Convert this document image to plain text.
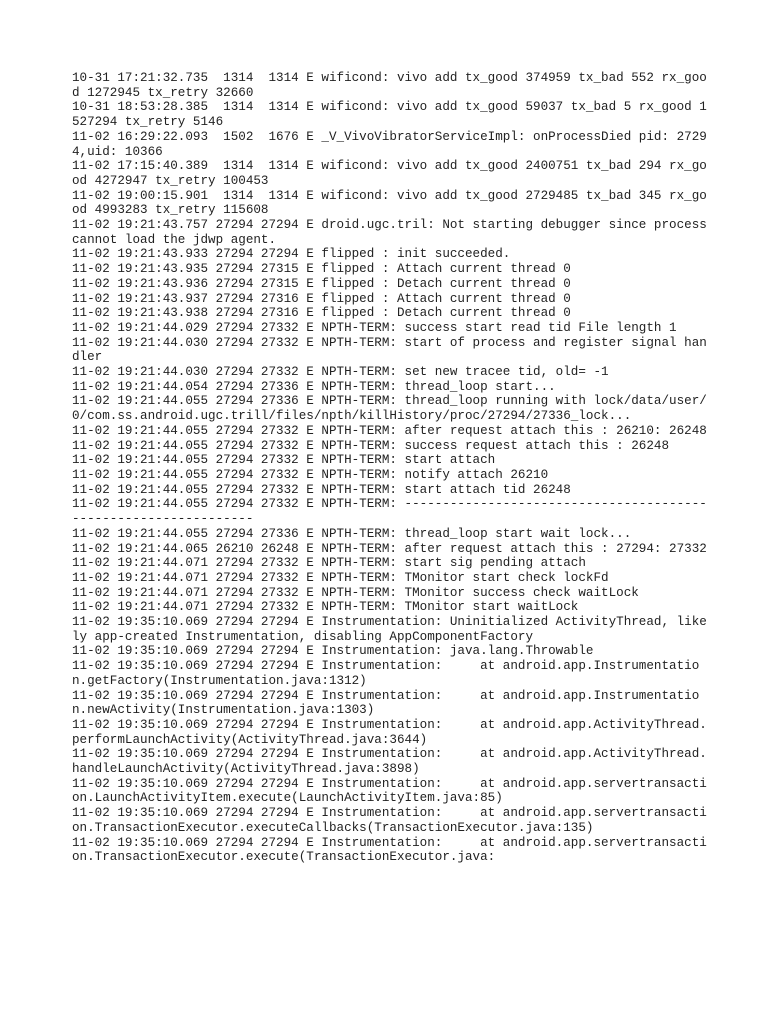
10-31 17:21:32.735  1314  1314 E wificond: vivo add tx_good 374959 tx_bad 552 rx_good 1272945 tx_retry 32660

10-31 18:53:28.385  1314  1314 E wificond: vivo add tx_good 59037 tx_bad 5 rx_good 1527294 tx_retry 5146

11-02 16:29:22.093  1502  1676 E _V_VivoVibratorServiceImpl: onProcessDied pid: 27294,uid: 10366

11-02 17:15:40.389  1314  1314 E wificond: vivo add tx_good 2400751 tx_bad 294 rx_good 4272947 tx_retry 100453

11-02 19:00:15.901  1314  1314 E wificond: vivo add tx_good 2729485 tx_bad 345 rx_good 4993283 tx_retry 115608

11-02 19:21:43.757 27294 27294 E droid.ugc.tril: Not starting debugger since process cannot load the jdwp agent.

11-02 19:21:43.933 27294 27294 E flipped : init succeeded.

11-02 19:21:43.935 27294 27315 E flipped : Attach current thread 0

11-02 19:21:43.936 27294 27315 E flipped : Detach current thread 0

11-02 19:21:43.937 27294 27316 E flipped : Attach current thread 0

11-02 19:21:43.938 27294 27316 E flipped : Detach current thread 0

11-02 19:21:44.029 27294 27332 E NPTH-TERM: success start read tid File length 1

11-02 19:21:44.030 27294 27332 E NPTH-TERM: start of process and register signal handler

11-02 19:21:44.030 27294 27332 E NPTH-TERM: set new tracee tid, old= -1

11-02 19:21:44.054 27294 27336 E NPTH-TERM: thread_loop start...

11-02 19:21:44.055 27294 27336 E NPTH-TERM: thread_loop running with lock/data/user/0/com.ss.android.ugc.trill/files/npth/killHistory/proc/27294/27336_lock...

11-02 19:21:44.055 27294 27332 E NPTH-TERM: after request attach this : 26210: 26248

11-02 19:21:44.055 27294 27332 E NPTH-TERM: success request attach this : 26248

11-02 19:21:44.055 27294 27332 E NPTH-TERM: start attach

11-02 19:21:44.055 27294 27332 E NPTH-TERM: notify attach 26210

11-02 19:21:44.055 27294 27332 E NPTH-TERM: start attach tid 26248

11-02 19:21:44.055 27294 27332 E NPTH-TERM: ----------------------------------------------------------------

11-02 19:21:44.055 27294 27336 E NPTH-TERM: thread_loop start wait lock...

11-02 19:21:44.065 26210 26248 E NPTH-TERM: after request attach this : 27294: 27332

11-02 19:21:44.071 27294 27332 E NPTH-TERM: start sig pending attach

11-02 19:21:44.071 27294 27332 E NPTH-TERM: TMonitor start check lockFd

11-02 19:21:44.071 27294 27332 E NPTH-TERM: TMonitor success check waitLock

11-02 19:21:44.071 27294 27332 E NPTH-TERM: TMonitor start waitLock

11-02 19:35:10.069 27294 27294 E Instrumentation: Uninitialized ActivityThread, likely app-created Instrumentation, disabling AppComponentFactory

11-02 19:35:10.069 27294 27294 E Instrumentation: java.lang.Throwable

11-02 19:35:10.069 27294 27294 E Instrumentation:     at android.app.Instrumentation.getFactory(Instrumentation.java:1312)

11-02 19:35:10.069 27294 27294 E Instrumentation:     at android.app.Instrumentation.newActivity(Instrumentation.java:1303)

11-02 19:35:10.069 27294 27294 E Instrumentation:     at android.app.ActivityThread.performLaunchActivity(ActivityThread.java:3644)

11-02 19:35:10.069 27294 27294 E Instrumentation:     at android.app.ActivityThread.handleLaunchActivity(ActivityThread.java:3898)

11-02 19:35:10.069 27294 27294 E Instrumentation:     at android.app.servertransaction.LaunchActivityItem.execute(LaunchActivityItem.java:85)

11-02 19:35:10.069 27294 27294 E Instrumentation:     at android.app.servertransaction.TransactionExecutor.executeCallbacks(TransactionExecutor.java:135)

11-02 19:35:10.069 27294 27294 E Instrumentation:     at android.app.servertransaction.TransactionExecutor.execute(TransactionExecutor.java:
